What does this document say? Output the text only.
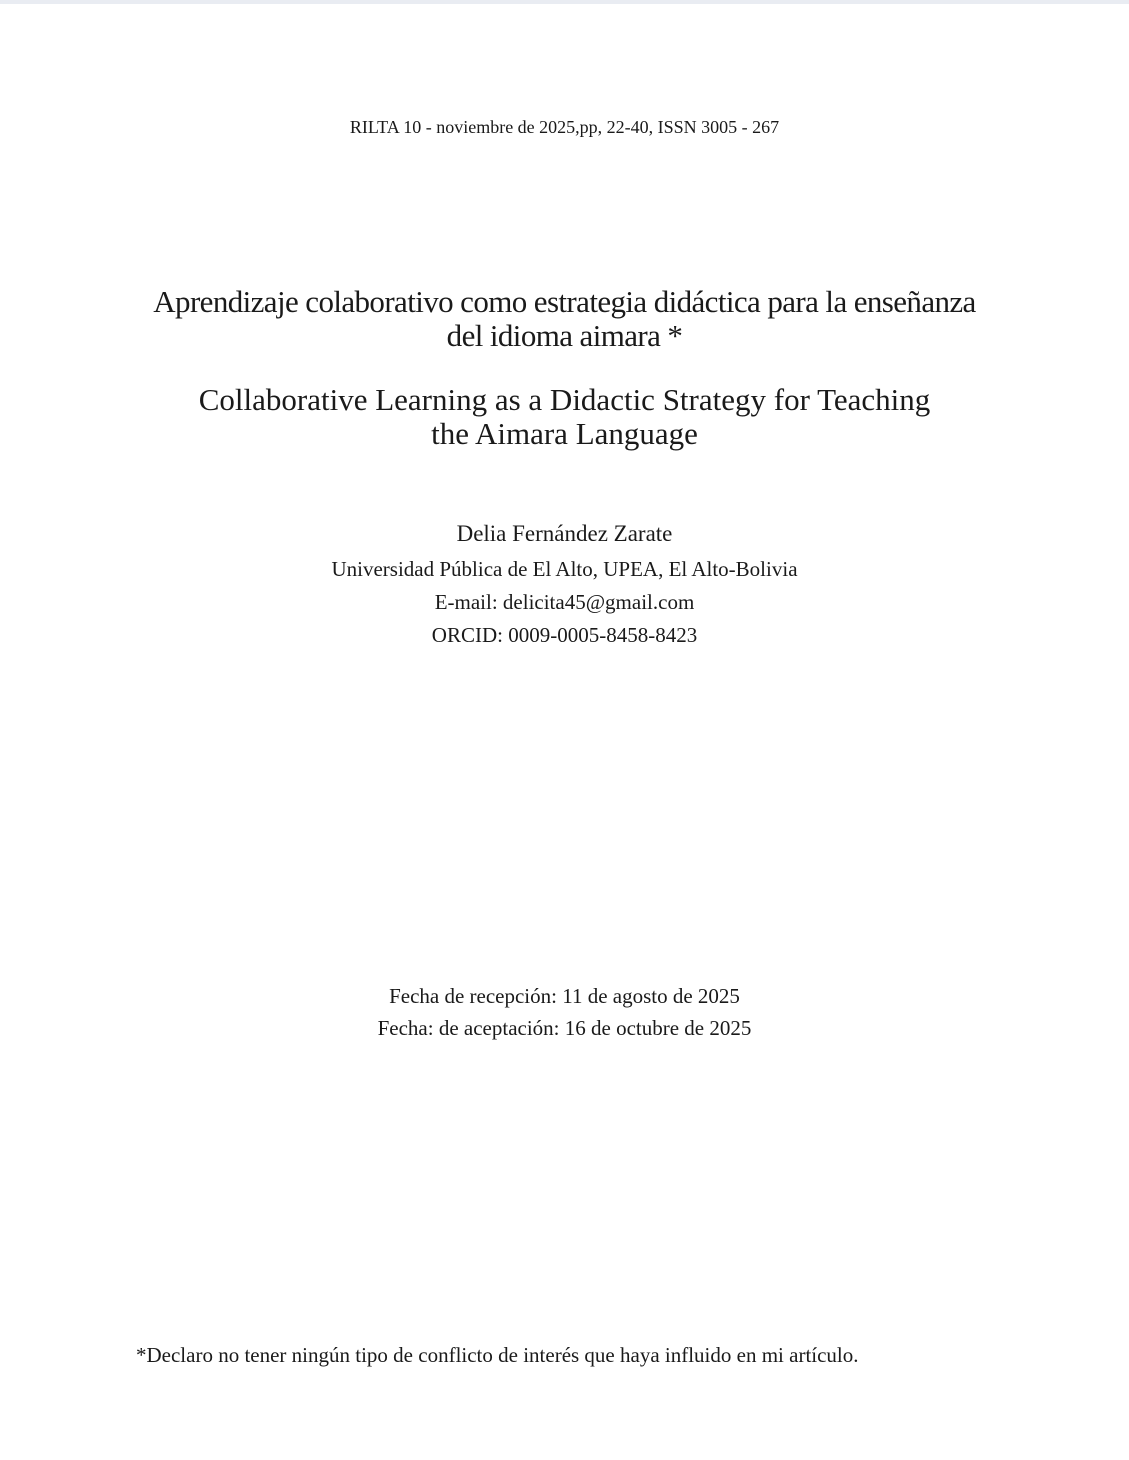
RILTA 10 - noviembre de 2025,pp, 22-40, ISSN 3005 - 267
Aprendizaje colaborativo como estrategia didáctica para la enseñanza
del idioma aimara *
Collaborative Learning as a Didactic Strategy for Teaching
the Aimara Language
Delia Fernández Zarate
Universidad Pública de El Alto, UPEA, El Alto-Bolivia
E-mail: delicita45@gmail.com
ORCID: 0009-0005-8458-8423
Fecha de recepción: 11 de agosto de 2025
Fecha: de aceptación: 16 de octubre de 2025
*Declaro no tener ningún tipo de conflicto de interés que haya influido en mi artículo.
